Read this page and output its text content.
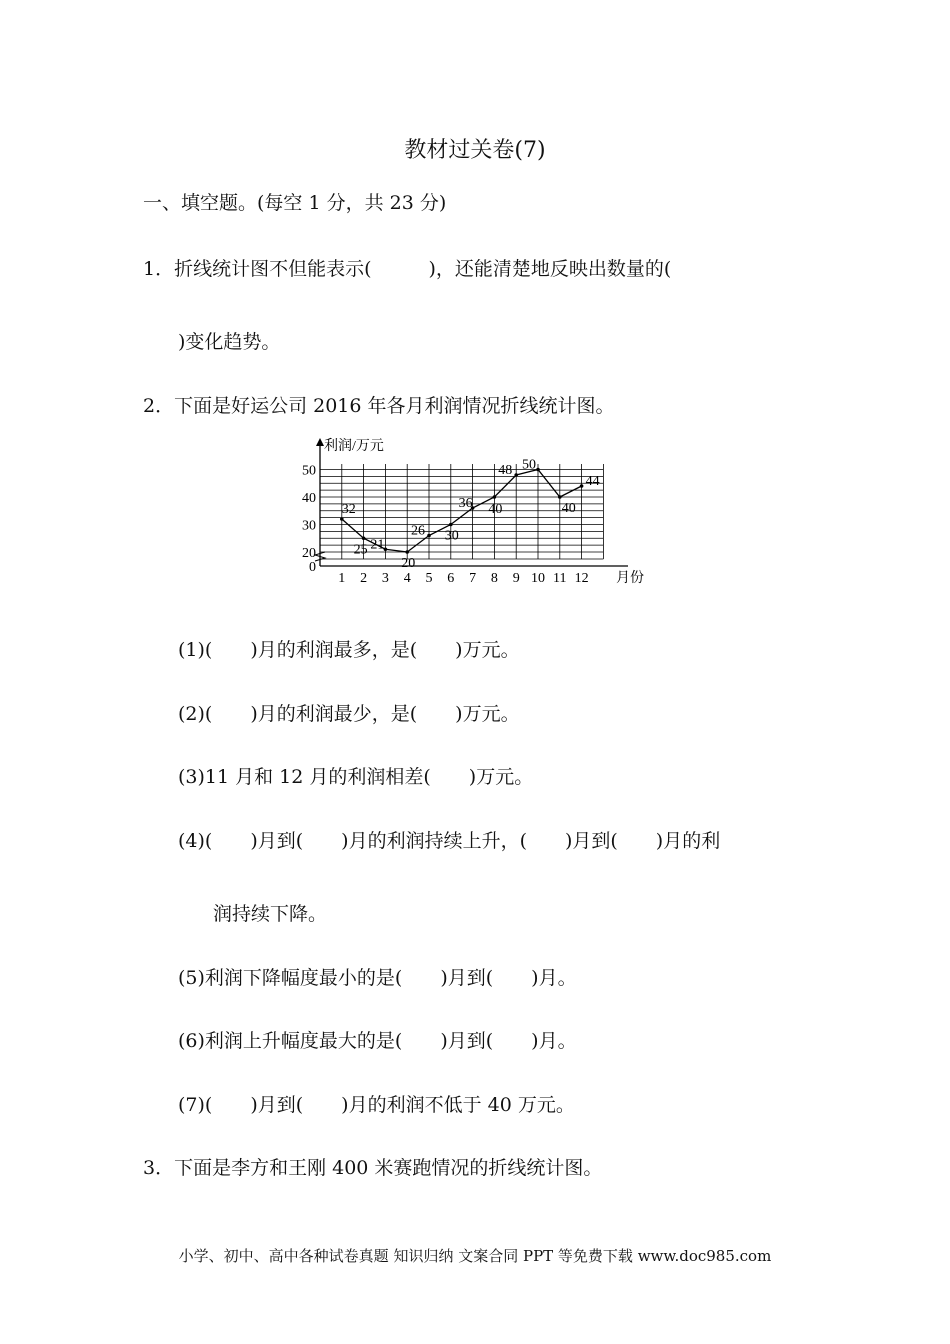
教材过关卷(7)
一、填空题。(每空 1 分，共 23 分)
1．折线统计图不但能表示(　　　)，还能清楚地反映出数量的(
)变化趋势。
2．下面是好运公司 2016 年各月利润情况折线统计图。
利润/万元
月份
0
20
30
40
50
1 2 3 4 5 6 7 8 9 10 11 12
32
25 21
20
26 30
36 40
48 50
40
44
(1)(　　)月的利润最多，是(　　)万元。
(2)(　　)月的利润最少，是(　　)万元。
(3)11 月和 12 月的利润相差(　　)万元。
(4)(　　)月到(　　)月的利润持续上升，(　　)月到(　　)月的利
润持续下降。
(5)利润下降幅度最小的是(　　)月到(　　)月。
(6)利润上升幅度最大的是(　　)月到(　　)月。
(7)(　　)月到(　　)月的利润不低于 40 万元。
3．下面是李方和王刚 400 米赛跑情况的折线统计图。
小学、初中、高中各种试卷真题 知识归纳 文案合同 PPT 等免费下载 www.doc985.com
